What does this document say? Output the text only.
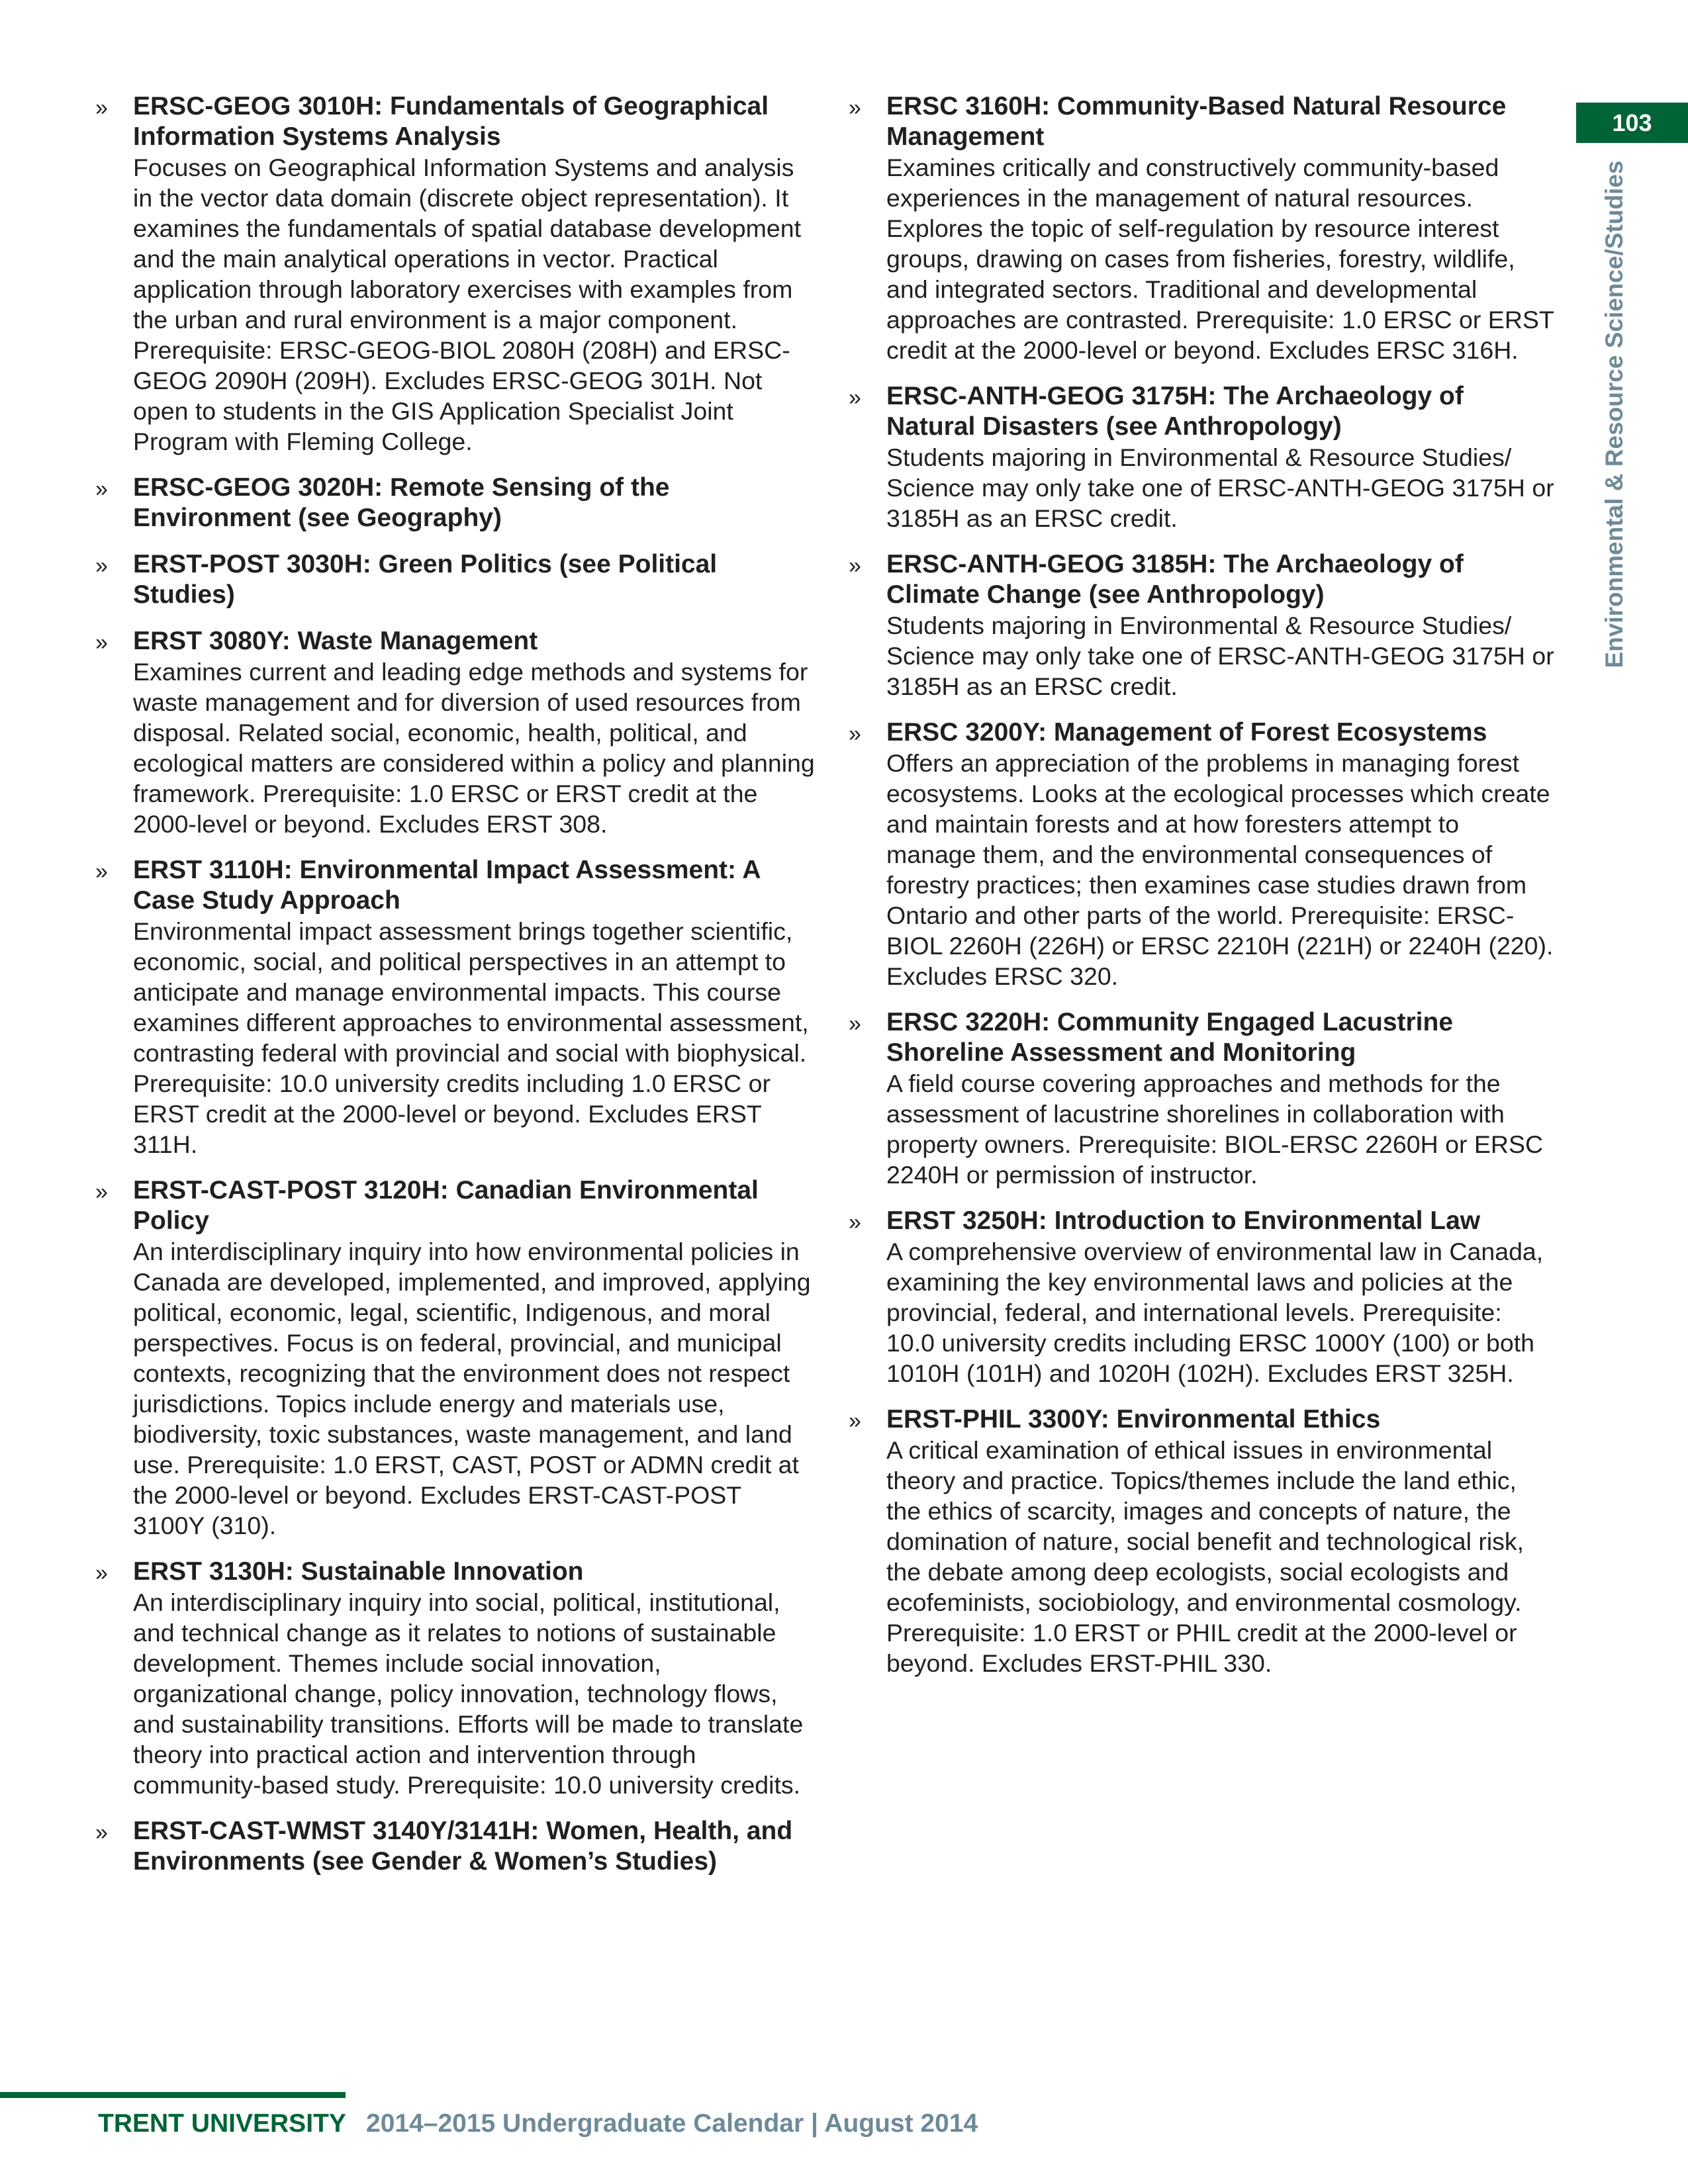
103
Environmental & Resource Science/Studies
» ERSC-GEOG 3010H: Fundamentals of Geographical Information Systems Analysis
Focuses on Geographical Information Systems and analysis in the vector data domain (discrete object representation). It examines the fundamentals of spatial database development and the main analytical operations in vector. Practical application through laboratory exercises with examples from the urban and rural environment is a major component. Prerequisite: ERSC-GEOG-BIOL 2080H (208H) and ERSC-GEOG 2090H (209H). Excludes ERSC-GEOG 301H. Not open to students in the GIS Application Specialist Joint Program with Fleming College.
» ERSC-GEOG 3020H: Remote Sensing of the Environment (see Geography)
» ERST-POST 3030H: Green Politics (see Political Studies)
» ERST 3080Y: Waste Management
Examines current and leading edge methods and systems for waste management and for diversion of used resources from disposal. Related social, economic, health, political, and ecological matters are considered within a policy and planning framework. Prerequisite: 1.0 ERSC or ERST credit at the 2000-level or beyond. Excludes ERST 308.
» ERST 3110H: Environmental Impact Assessment: A Case Study Approach
Environmental impact assessment brings together scientific, economic, social, and political perspectives in an attempt to anticipate and manage environmental impacts. This course examines different approaches to environmental assessment, contrasting federal with provincial and social with biophysical. Prerequisite: 10.0 university credits including 1.0 ERSC or ERST credit at the 2000-level or beyond. Excludes ERST 311H.
» ERST-CAST-POST 3120H: Canadian Environmental Policy
An interdisciplinary inquiry into how environmental policies in Canada are developed, implemented, and improved, applying political, economic, legal, scientific, Indigenous, and moral perspectives. Focus is on federal, provincial, and municipal contexts, recognizing that the environment does not respect jurisdictions. Topics include energy and materials use, biodiversity, toxic substances, waste management, and land use. Prerequisite: 1.0 ERST, CAST, POST or ADMN credit at the 2000-level or beyond. Excludes ERST-CAST-POST 3100Y (310).
» ERST 3130H: Sustainable Innovation
An interdisciplinary inquiry into social, political, institutional, and technical change as it relates to notions of sustainable development. Themes include social innovation, organizational change, policy innovation, technology flows, and sustainability transitions. Efforts will be made to translate theory into practical action and intervention through community-based study. Prerequisite: 10.0 university credits.
» ERST-CAST-WMST 3140Y/3141H: Women, Health, and Environments (see Gender & Women’s Studies)
» ERSC 3160H: Community-Based Natural Resource Management
Examines critically and constructively community-based experiences in the management of natural resources. Explores the topic of self-regulation by resource interest groups, drawing on cases from fisheries, forestry, wildlife, and integrated sectors. Traditional and developmental approaches are contrasted. Prerequisite: 1.0 ERSC or ERST credit at the 2000-level or beyond. Excludes ERSC 316H.
» ERSC-ANTH-GEOG 3175H: The Archaeology of Natural Disasters (see Anthropology)
Students majoring in Environmental & Resource Studies/ Science may only take one of ERSC-ANTH-GEOG 3175H or 3185H as an ERSC credit.
» ERSC-ANTH-GEOG 3185H: The Archaeology of Climate Change (see Anthropology)
Students majoring in Environmental & Resource Studies/ Science may only take one of ERSC-ANTH-GEOG 3175H or 3185H as an ERSC credit.
» ERSC 3200Y: Management of Forest Ecosystems
Offers an appreciation of the problems in managing forest ecosystems. Looks at the ecological processes which create and maintain forests and at how foresters attempt to manage them, and the environmental consequences of forestry practices; then examines case studies drawn from Ontario and other parts of the world. Prerequisite: ERSC-BIOL 2260H (226H) or ERSC 2210H (221H) or 2240H (220). Excludes ERSC 320.
» ERSC 3220H: Community Engaged Lacustrine Shoreline Assessment and Monitoring
A field course covering approaches and methods for the assessment of lacustrine shorelines in collaboration with property owners. Prerequisite: BIOL-ERSC 2260H or ERSC 2240H or permission of instructor.
» ERST 3250H: Introduction to Environmental Law
A comprehensive overview of environmental law in Canada, examining the key environmental laws and policies at the provincial, federal, and international levels. Prerequisite: 10.0 university credits including ERSC 1000Y (100) or both 1010H (101H) and 1020H (102H). Excludes ERST 325H.
» ERST-PHIL 3300Y: Environmental Ethics
A critical examination of ethical issues in environmental theory and practice. Topics/themes include the land ethic, the ethics of scarcity, images and concepts of nature, the domination of nature, social benefit and technological risk, the debate among deep ecologists, social ecologists and ecofeminists, sociobiology, and environmental cosmology. Prerequisite: 1.0 ERST or PHIL credit at the 2000-level or beyond. Excludes ERST-PHIL 330.
TRENT UNIVERSITY 2014–2015 Undergraduate Calendar | August 2014
